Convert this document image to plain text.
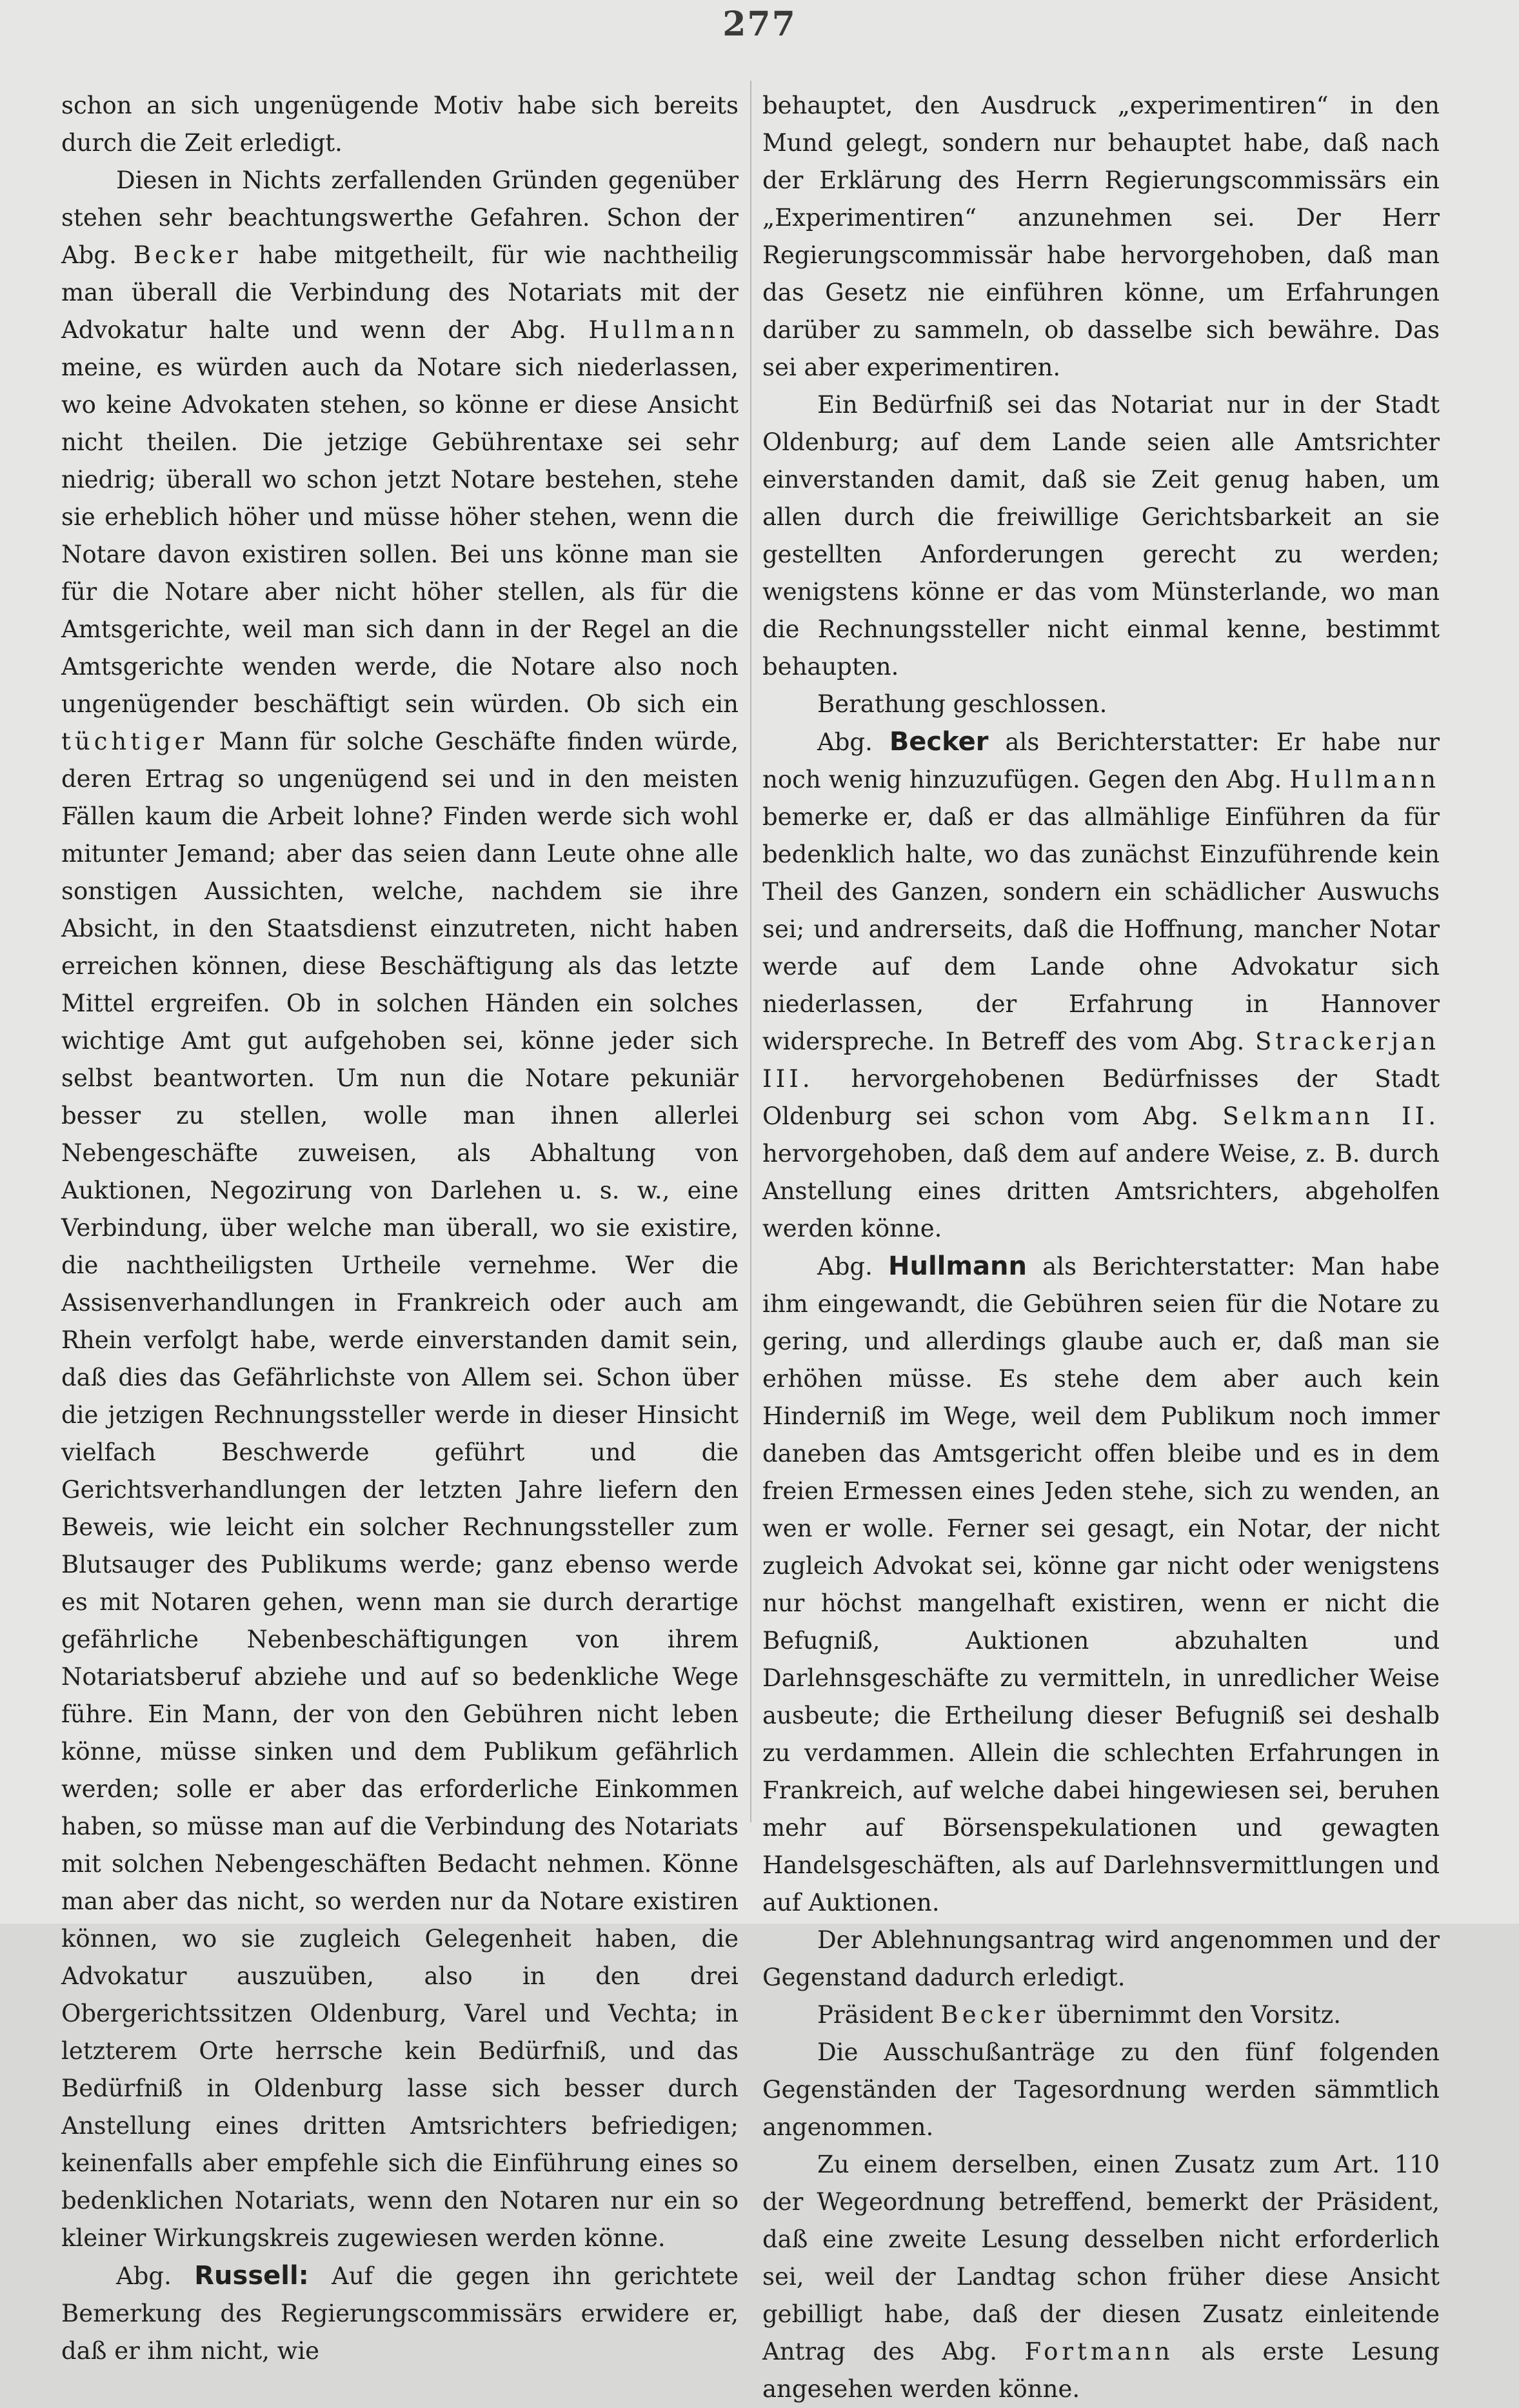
277

schon an sich ungenügende Motiv habe sich bereits durch die Zeit erledigt.

Diesen in Nichts zerfallenden Gründen gegenüber stehen sehr beachtungswerthe Gefahren. Schon der Abg. Becker habe mitgetheilt, für wie nachtheilig man überall die Verbindung des Notariats mit der Advokatur halte und wenn der Abg. Hullmann meine, es würden auch da Notare sich niederlassen, wo keine Advokaten stehen, so könne er diese Ansicht nicht theilen. Die jetzige Gebührentaxe sei sehr niedrig; überall wo schon jetzt Notare bestehen, stehe sie erheblich höher und müsse höher stehen, wenn die Notare davon existiren sollen. Bei uns könne man sie für die Notare aber nicht höher stellen, als für die Amtsgerichte, weil man sich dann in der Regel an die Amtsgerichte wenden werde, die Notare also noch ungenügender beschäftigt sein würden. Ob sich ein tüchtiger Mann für solche Geschäfte finden würde, deren Ertrag so ungenügend sei und in den meisten Fällen kaum die Arbeit lohne? Finden werde sich wohl mitunter Jemand; aber das seien dann Leute ohne alle sonstigen Aussichten, welche, nachdem sie ihre Absicht, in den Staatsdienst einzutreten, nicht haben erreichen können, diese Beschäftigung als das letzte Mittel ergreifen. Ob in solchen Händen ein solches wichtige Amt gut aufgehoben sei, könne jeder sich selbst beantworten. Um nun die Notare pekuniär besser zu stellen, wolle man ihnen allerlei Nebengeschäfte zuweisen, als Abhaltung von Auktionen, Negozirung von Darlehen u. s. w., eine Verbindung, über welche man überall, wo sie existire, die nachtheiligsten Urtheile vernehme. Wer die Assisenverhandlungen in Frankreich oder auch am Rhein verfolgt habe, werde einverstanden damit sein, daß dies das Gefährlichste von Allem sei. Schon über die jetzigen Rechnungssteller werde in dieser Hinsicht vielfach Beschwerde geführt und die Gerichtsverhandlungen der letzten Jahre liefern den Beweis, wie leicht ein solcher Rechnungssteller zum Blutsauger des Publikums werde; ganz ebenso werde es mit Notaren gehen, wenn man sie durch derartige gefährliche Nebenbeschäftigungen von ihrem Notariatsberuf abziehe und auf so bedenkliche Wege führe. Ein Mann, der von den Gebühren nicht leben könne, müsse sinken und dem Publikum gefährlich werden; solle er aber das erforderliche Einkommen haben, so müsse man auf die Verbindung des Notariats mit solchen Nebengeschäften Bedacht nehmen. Könne man aber das nicht, so werden nur da Notare existiren können, wo sie zugleich Gelegenheit haben, die Advokatur auszuüben, also in den drei Obergerichtssitzen Oldenburg, Varel und Vechta; in letzterem Orte herrsche kein Bedürfniß, und das Bedürfniß in Oldenburg lasse sich besser durch Anstellung eines dritten Amtsrichters befriedigen; keinenfalls aber empfehle sich die Einführung eines so bedenklichen Notariats, wenn den Notaren nur ein so kleiner Wirkungskreis zugewiesen werden könne.

Abg. Russell: Auf die gegen ihn gerichtete Bemerkung des Regierungscommissärs erwidere er, daß er ihm nicht, wie

behauptet, den Ausdruck „experimentiren“ in den Mund gelegt, sondern nur behauptet habe, daß nach der Erklärung des Herrn Regierungscommissärs ein „Experimentiren“ anzunehmen sei. Der Herr Regierungscommissär habe hervorgehoben, daß man das Gesetz nie einführen könne, um Erfahrungen darüber zu sammeln, ob dasselbe sich bewähre. Das sei aber experimentiren.

Ein Bedürfniß sei das Notariat nur in der Stadt Oldenburg; auf dem Lande seien alle Amtsrichter einverstanden damit, daß sie Zeit genug haben, um allen durch die freiwillige Gerichtsbarkeit an sie gestellten Anforderungen gerecht zu werden; wenigstens könne er das vom Münsterlande, wo man die Rechnungssteller nicht einmal kenne, bestimmt behaupten.

Berathung geschlossen.

Abg. Becker als Berichterstatter: Er habe nur noch wenig hinzuzufügen. Gegen den Abg. Hullmann bemerke er, daß er das allmählige Einführen da für bedenklich halte, wo das zunächst Einzuführende kein Theil des Ganzen, sondern ein schädlicher Auswuchs sei; und andrerseits, daß die Hoffnung, mancher Notar werde auf dem Lande ohne Advokatur sich niederlassen, der Erfahrung in Hannover widerspreche. In Betreff des vom Abg. Strackerjan III. hervorgehobenen Bedürfnisses der Stadt Oldenburg sei schon vom Abg. Selkmann II. hervorgehoben, daß dem auf andere Weise, z. B. durch Anstellung eines dritten Amtsrichters, abgeholfen werden könne.

Abg. Hullmann als Berichterstatter: Man habe ihm eingewandt, die Gebühren seien für die Notare zu gering, und allerdings glaube auch er, daß man sie erhöhen müsse. Es stehe dem aber auch kein Hinderniß im Wege, weil dem Publikum noch immer daneben das Amtsgericht offen bleibe und es in dem freien Ermessen eines Jeden stehe, sich zu wenden, an wen er wolle. Ferner sei gesagt, ein Notar, der nicht zugleich Advokat sei, könne gar nicht oder wenigstens nur höchst mangelhaft existiren, wenn er nicht die Befugniß, Auktionen abzuhalten und Darlehnsgeschäfte zu vermitteln, in unredlicher Weise ausbeute; die Ertheilung dieser Befugniß sei deshalb zu verdammen. Allein die schlechten Erfahrungen in Frankreich, auf welche dabei hingewiesen sei, beruhen mehr auf Börsenspekulationen und gewagten Handelsgeschäften, als auf Darlehnsvermittlungen und auf Auktionen.

Der Ablehnungsantrag wird angenommen und der Gegenstand dadurch erledigt.

Präsident Becker übernimmt den Vorsitz.

Die Ausschußanträge zu den fünf folgenden Gegenständen der Tagesordnung werden sämmtlich angenommen.

Zu einem derselben, einen Zusatz zum Art. 110 der Wegeordnung betreffend, bemerkt der Präsident, daß eine zweite Lesung desselben nicht erforderlich sei, weil der Landtag schon früher diese Ansicht gebilligt habe, daß der diesen Zusatz einleitende Antrag des Abg. Fortmann als erste Lesung angesehen werden könne.
